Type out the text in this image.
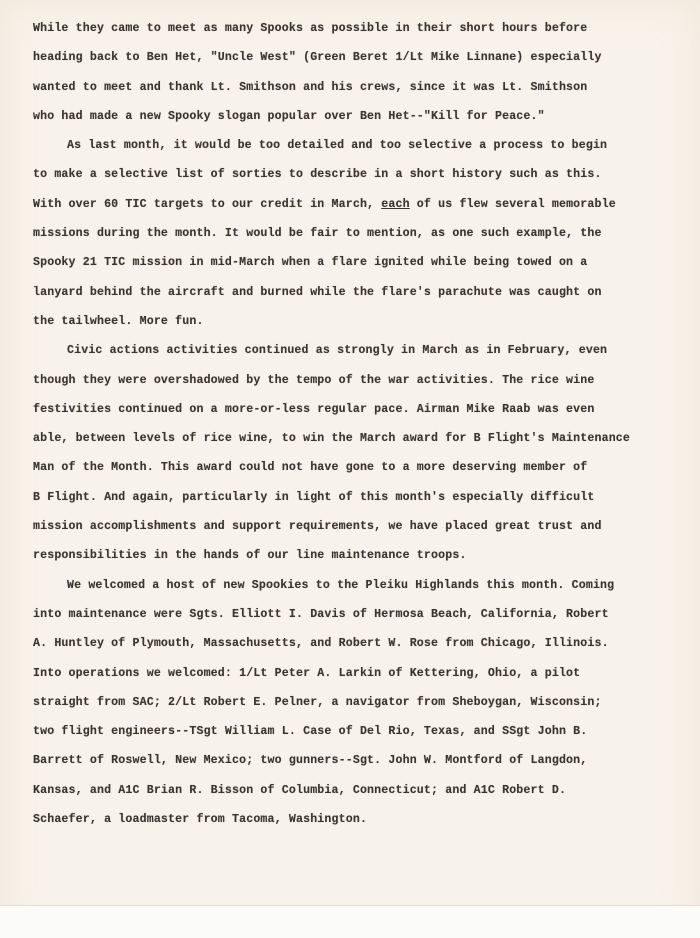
While they came to meet as many Spooks as possible in their short hours before
heading back to Ben Het, "Uncle West" (Green Beret 1/Lt Mike Linnane) especially
wanted to meet and thank Lt. Smithson and his crews, since it was Lt. Smithson
who had made a new Spooky slogan popular over Ben Het--"Kill for Peace."
As last month, it would be too detailed and too selective a process to begin
to make a selective list of sorties to describe in a short history such as this.
With over 60 TIC targets to our credit in March, each of us flew several memorable
missions during the month. It would be fair to mention, as one such example, the
Spooky 21 TIC mission in mid-March when a flare ignited while being towed on a
lanyard behind the aircraft and burned while the flare's parachute was caught on
the tailwheel. More fun.
Civic actions activities continued as strongly in March as in February, even
though they were overshadowed by the tempo of the war activities. The rice wine
festivities continued on a more-or-less regular pace. Airman Mike Raab was even
able, between levels of rice wine, to win the March award for B Flight's Maintenance
Man of the Month. This award could not have gone to a more deserving member of
B Flight. And again, particularly in light of this month's especially difficult
mission accomplishments and support requirements, we have placed great trust and
responsibilities in the hands of our line maintenance troops.
We welcomed a host of new Spookies to the Pleiku Highlands this month. Coming
into maintenance were Sgts. Elliott I. Davis of Hermosa Beach, California, Robert
A. Huntley of Plymouth, Massachusetts, and Robert W. Rose from Chicago, Illinois.
Into operations we welcomed: 1/Lt Peter A. Larkin of Kettering, Ohio, a pilot
straight from SAC; 2/Lt Robert E. Pelner, a navigator from Sheboygan, Wisconsin;
two flight engineers--TSgt William L. Case of Del Rio, Texas, and SSgt John B.
Barrett of Roswell, New Mexico; two gunners--Sgt. John W. Montford of Langdon,
Kansas, and A1C Brian R. Bisson of Columbia, Connecticut; and A1C Robert D.
Schaefer, a loadmaster from Tacoma, Washington.
